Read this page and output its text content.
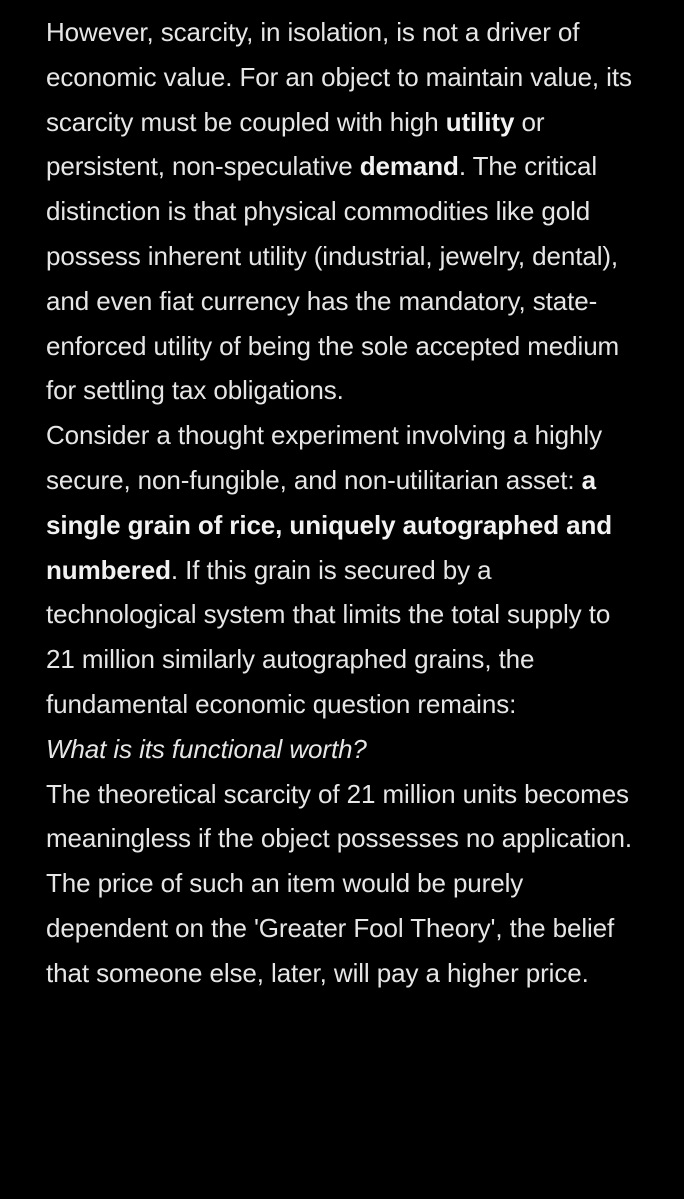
However, scarcity, in isolation, is not a driver of economic value. For an object to maintain value, its scarcity must be coupled with high utility or persistent, non-speculative demand. The critical distinction is that physical commodities like gold possess inherent utility (industrial, jewelry, dental), and even fiat currency has the mandatory, state-enforced utility of being the sole accepted medium for settling tax obligations.

Consider a thought experiment involving a highly secure, non-fungible, and non-utilitarian asset: a single grain of rice, uniquely autographed and numbered. If this grain is secured by a technological system that limits the total supply to 21 million similarly autographed grains, the fundamental economic question remains:
What is its functional worth?

The theoretical scarcity of 21 million units becomes meaningless if the object possesses no application. The price of such an item would be purely dependent on the 'Greater Fool Theory', the belief that someone else, later, will pay a higher price.
